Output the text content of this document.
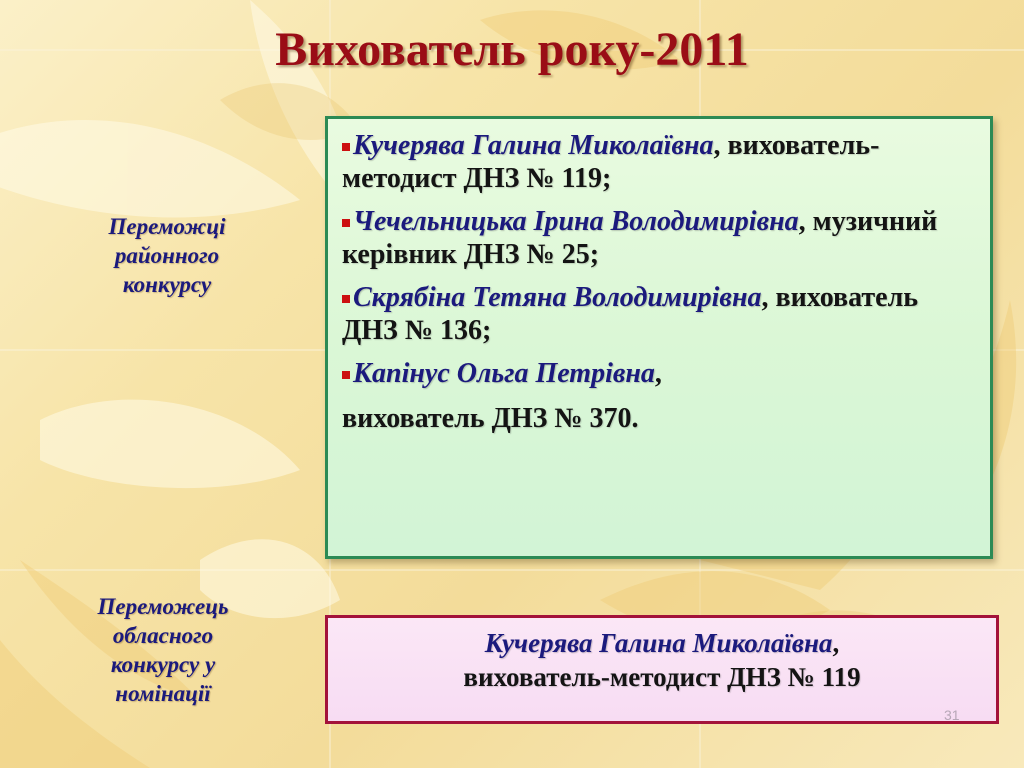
Вихователь року-2011
Переможці
районного
конкурсу
Переможець
обласного
конкурсу у
номінації
Кучерява Галина Миколаївна, вихователь-методист ДНЗ № 119;
Чечельницька Ірина Володимирівна, музичний керівник ДНЗ № 25;
Скрябіна Тетяна Володимирівна, вихователь ДНЗ № 136;
Капінус Ольга Петрівна,
вихователь ДНЗ № 370.
Кучерява Галина Миколаївна,
вихователь-методист ДНЗ № 119
31
